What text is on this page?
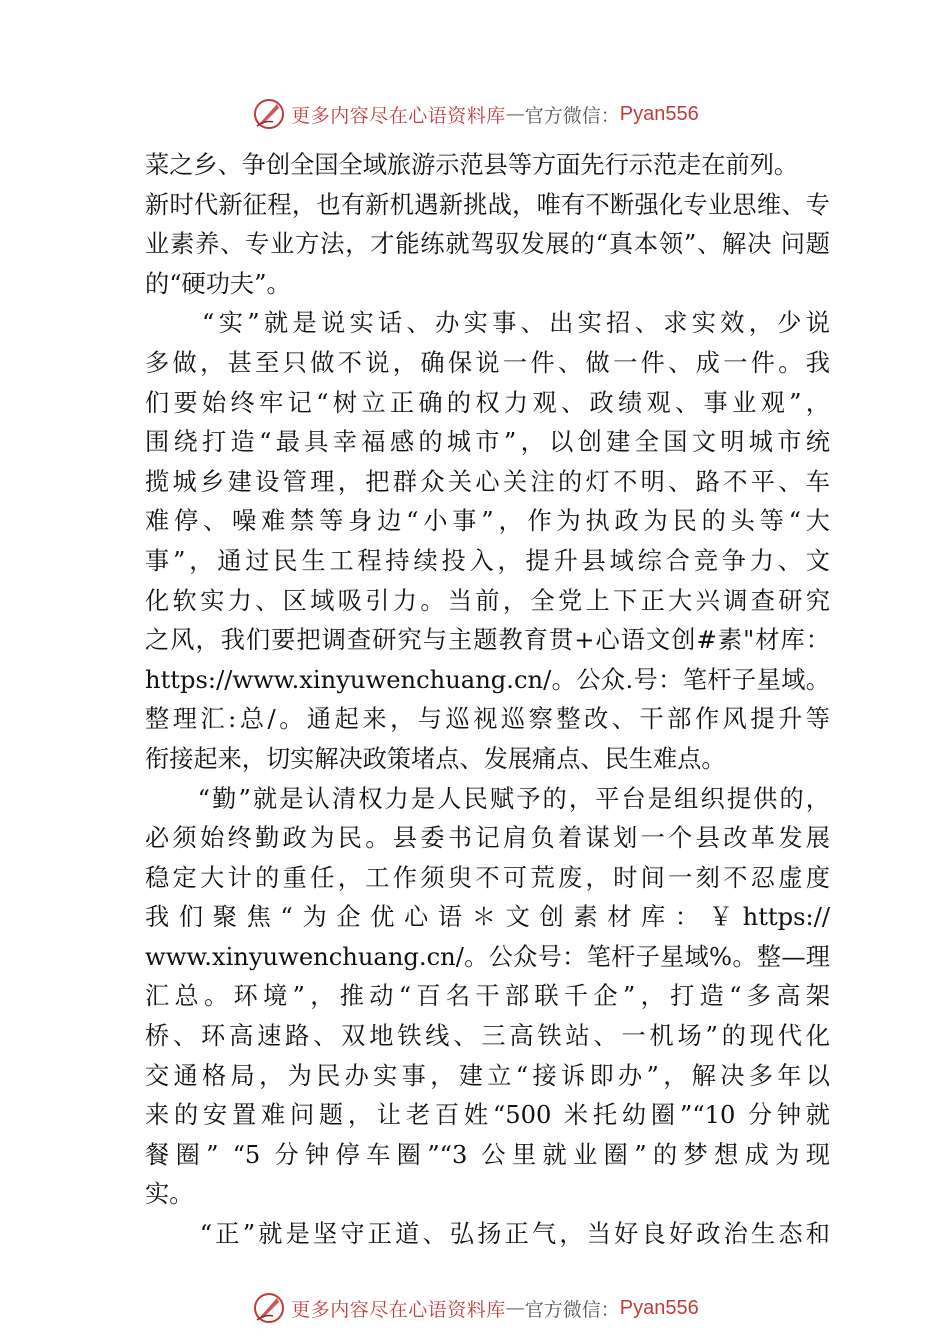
更多内容尽在心语资料库 — 官方微信： Pyan556
菜之乡、争创全国全域旅游示范县等方面先行示范走在前列。
新时代新征程，也有新机遇新挑战，唯有不断强化专业思维、专
业素养、专业方法，才能练就驾驭发展的“真本领”、解决 问题
的“硬功夫”。
　　“实”就是说实话、办实事、出实招、求实效，少说
多做，甚至只做不说，确保说一件、做一件、成一件。我
们要始终牢记“树立正确的权力观、政绩观、事业观”，
围绕打造“最具幸福感的城市”，以创建全国文明城市统
揽城乡建设管理，把群众关心关注的灯不明、路不平、车
难停、噪难禁等身边“小事”，作为执政为民的头等“大
事”，通过民生工程持续投入，提升县域综合竞争力、文
化软实力、区域吸引力。当前，全党上下正大兴调查研究
之风，我们要把调查研究与主题教育贯+心语文创#素"材库：
https://www.xinyuwenchuang.cn/。公众.号：笔杆子星域。
整理汇:总/。通起来，与巡视巡察整改、干部作风提升等
衔接起来，切实解决政策堵点、发展痛点、民生难点。
　　“勤”就是认清权力是人民赋予的，平台是组织提供的，
必须始终勤政为民。县委书记肩负着谋划一个县改革发展
稳定大计的重任，工作须臾不可荒废，时间一刻不忍虚度
我们聚焦“为企优心语＊文创素材库：￥https://
www.xinyuwenchuang.cn/。公众号：笔杆子星域%。整—理
汇总。环境”，推动“百名干部联千企”，打造“多高架
桥、环高速路、双地铁线、三高铁站、一机场”的现代化
交通格局，为民办实事，建立“接诉即办”，解决多年以
来的安置难问题，让老百姓“500 米托幼圈”“10 分钟就
餐圈” “5 分钟停车圈”“3 公里就业圈”的梦想成为现
实。
　　“正”就是坚守正道、弘扬正气，当好良好政治生态和
更多内容尽在心语资料库 — 官方微信： Pyan556
